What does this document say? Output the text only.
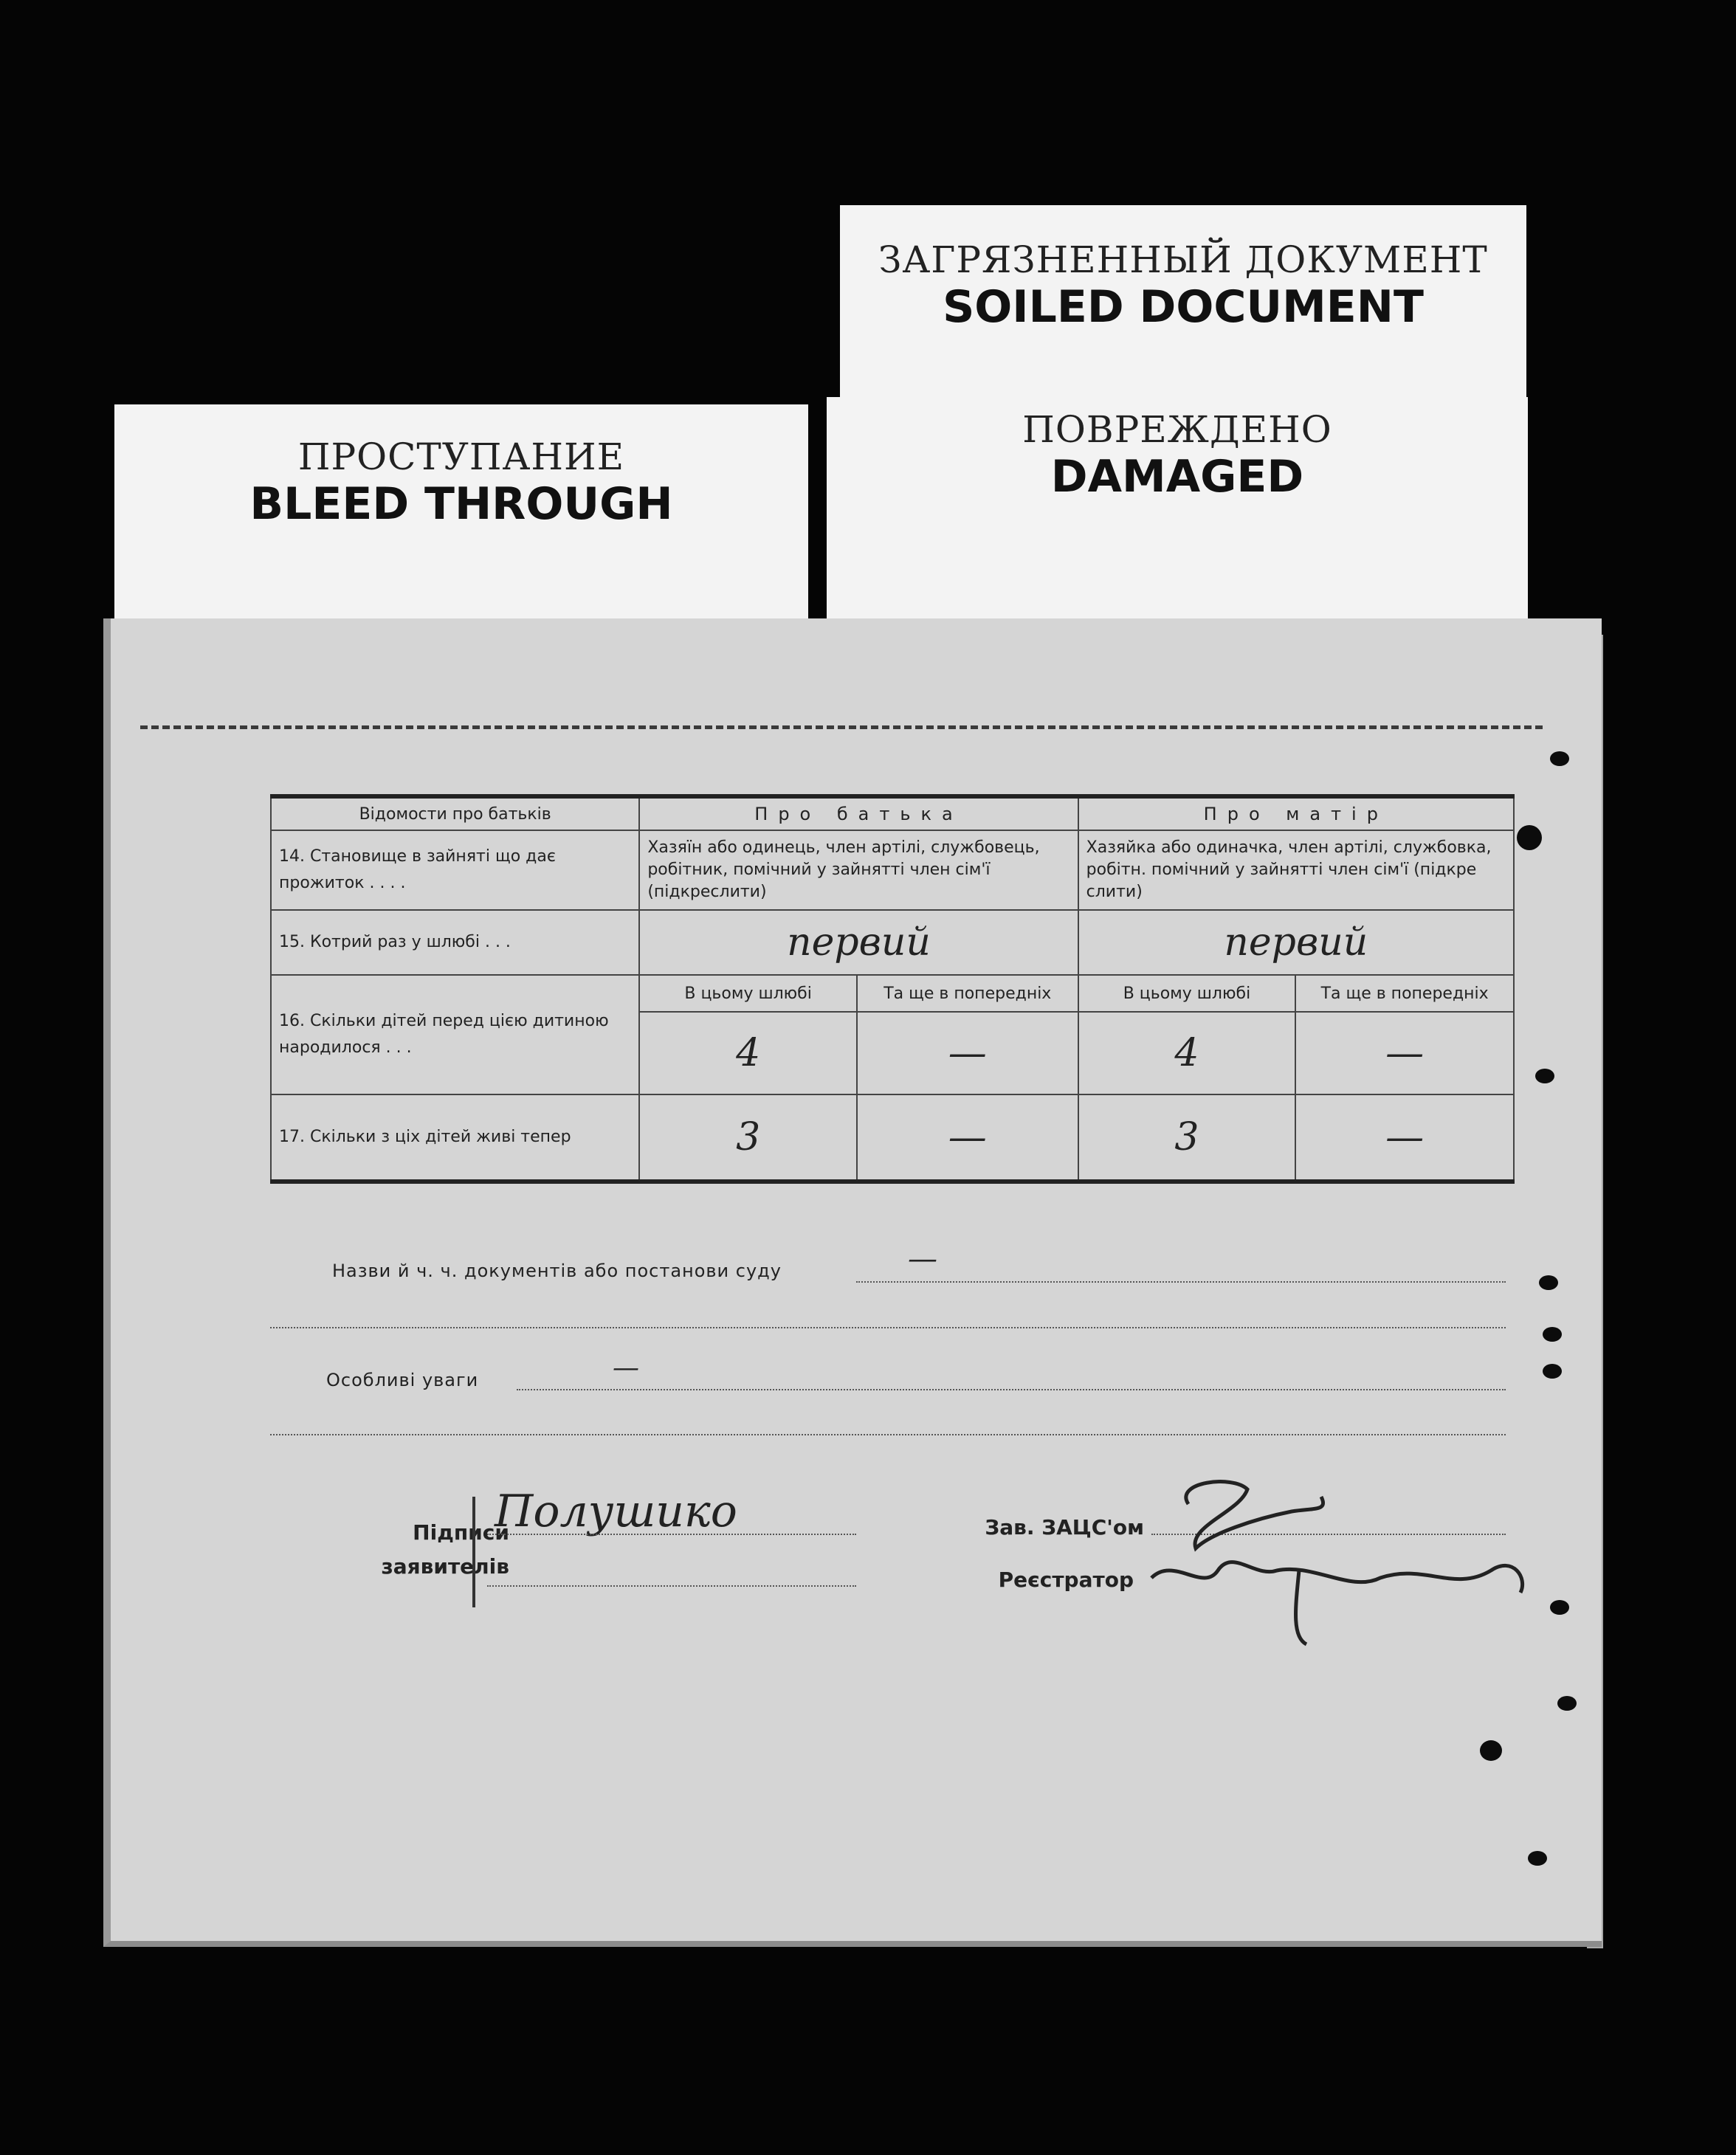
ЗАГРЯЗНЕННЫЙ ДОКУМЕНТ
SOILED DOCUMENT
ПРОСТУПАНИЕ
BLEED THROUGH
ПОВРЕЖДЕНО
DAMAGED
Відомости про батьків	Про батька		Про матір	
14. Становище в зайняті що дає прожиток . . . .	Хазяїн або одинець, член артілі, службовець, робітник, помічний у зайнятті член сім'ї (підкреслити)		Хазяйка або одиначка, член артілі, службовка, робітн. помічний у зайнятті член сім'ї (підкре слити)	
15. Котрий раз у шлюбі . . .	первий		первий	
16. Скільки дітей перед цією дитиною народилося . . .	В цьому шлюбі	Та ще в попередніх	В цьому шлюбі	Та ще в попередніх
	4	—	4	—
17. Скільки з ціх дітей живі тепер	3	—	3	—
Назви й ч. ч. документів або постанови суду	—
Особливі уваги	—
Підписи
заявителів
Полушико	Зав. ЗАЦС'ом
Реєстратор
